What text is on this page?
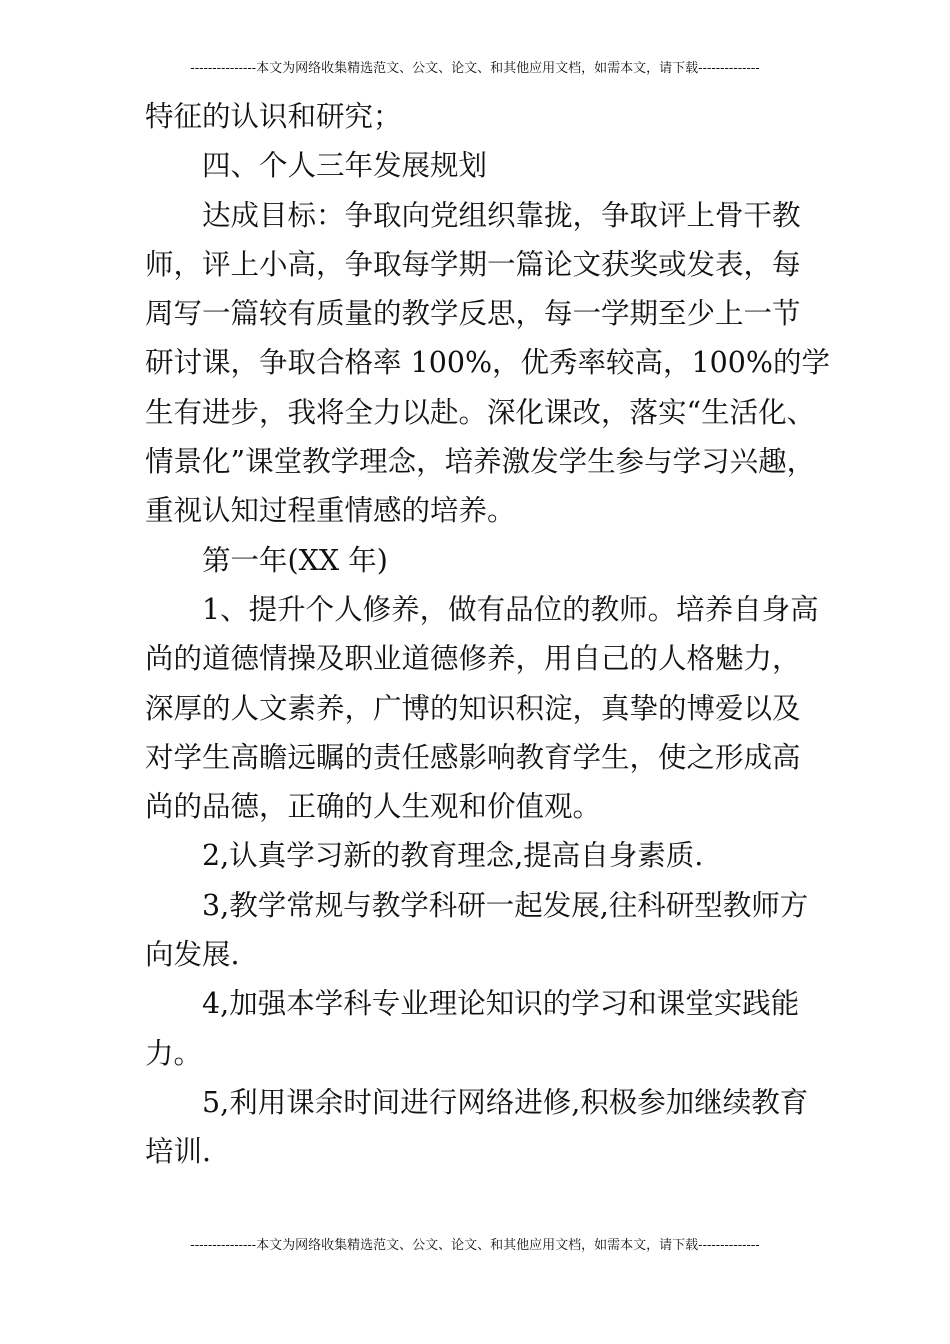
---------------本文为网络收集精选范文、公文、论文、和其他应用文档，如需本文，请下载--------------
特征的认识和研究；
四、个人三年发展规划
达成目标：争取向党组织靠拢，争取评上骨干教
师，评上小高，争取每学期一篇论文获奖或发表，每
周写一篇较有质量的教学反思，每一学期至少上一节
研讨课，争取合格率 100%，优秀率较高，100%的学
生有进步，我将全力以赴。深化课改，落实“生活化、
情景化”课堂教学理念，培养激发学生参与学习兴趣，
重视认知过程重情感的培养。
第一年(XX 年)
1、提升个人修养，做有品位的教师。培养自身高
尚的道德情操及职业道德修养，用自己的人格魅力，
深厚的人文素养，广博的知识积淀，真挚的博爱以及
对学生高瞻远瞩的责任感影响教育学生，使之形成高
尚的品德，正确的人生观和价值观。
2,认真学习新的教育理念,提高自身素质.
3,教学常规与教学科研一起发展,往科研型教师方
向发展.
4,加强本学科专业理论知识的学习和课堂实践能
力。
5,利用课余时间进行网络进修,积极参加继续教育
培训.
---------------本文为网络收集精选范文、公文、论文、和其他应用文档，如需本文，请下载--------------
